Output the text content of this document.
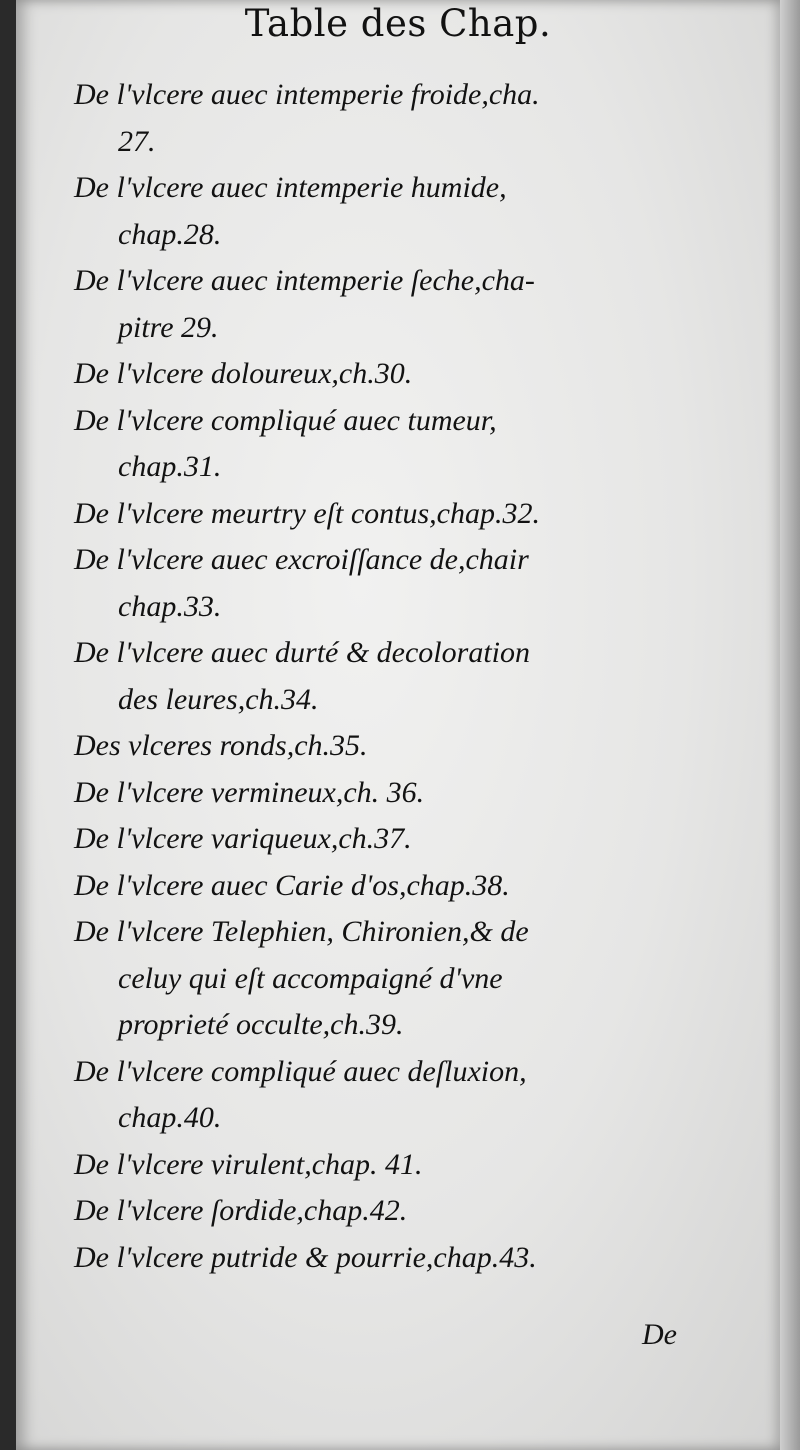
Table des Chap.
De l'vlcere auec intemperie froide,cha.
27.
De l'vlcere auec intemperie humide,
chap.28.
De l'vlcere auec intemperie ſeche,cha-
pitre 29.
De l'vlcere doloureux,ch.30.
De l'vlcere compliqué auec tumeur,
chap.31.
De l'vlcere meurtry eſt contus,chap.32.
De l'vlcere auec excroiſſance de,chair
chap.33.
De l'vlcere auec durté & decoloration
des leures,ch.34.
Des vlceres ronds,ch.35.
De l'vlcere vermineux,ch. 36.
De l'vlcere variqueux,ch.37.
De l'vlcere auec Carie d'os,chap.38.
De l'vlcere Telephien, Chironien,& de
celuy qui eſt accompaigné d'vne
proprieté occulte,ch.39.
De l'vlcere compliqué auec deſluxion,
chap.40.
De l'vlcere virulent,chap. 41.
De l'vlcere ſordide,chap.42.
De l'vlcere putride & pourrie,chap.43.
De
